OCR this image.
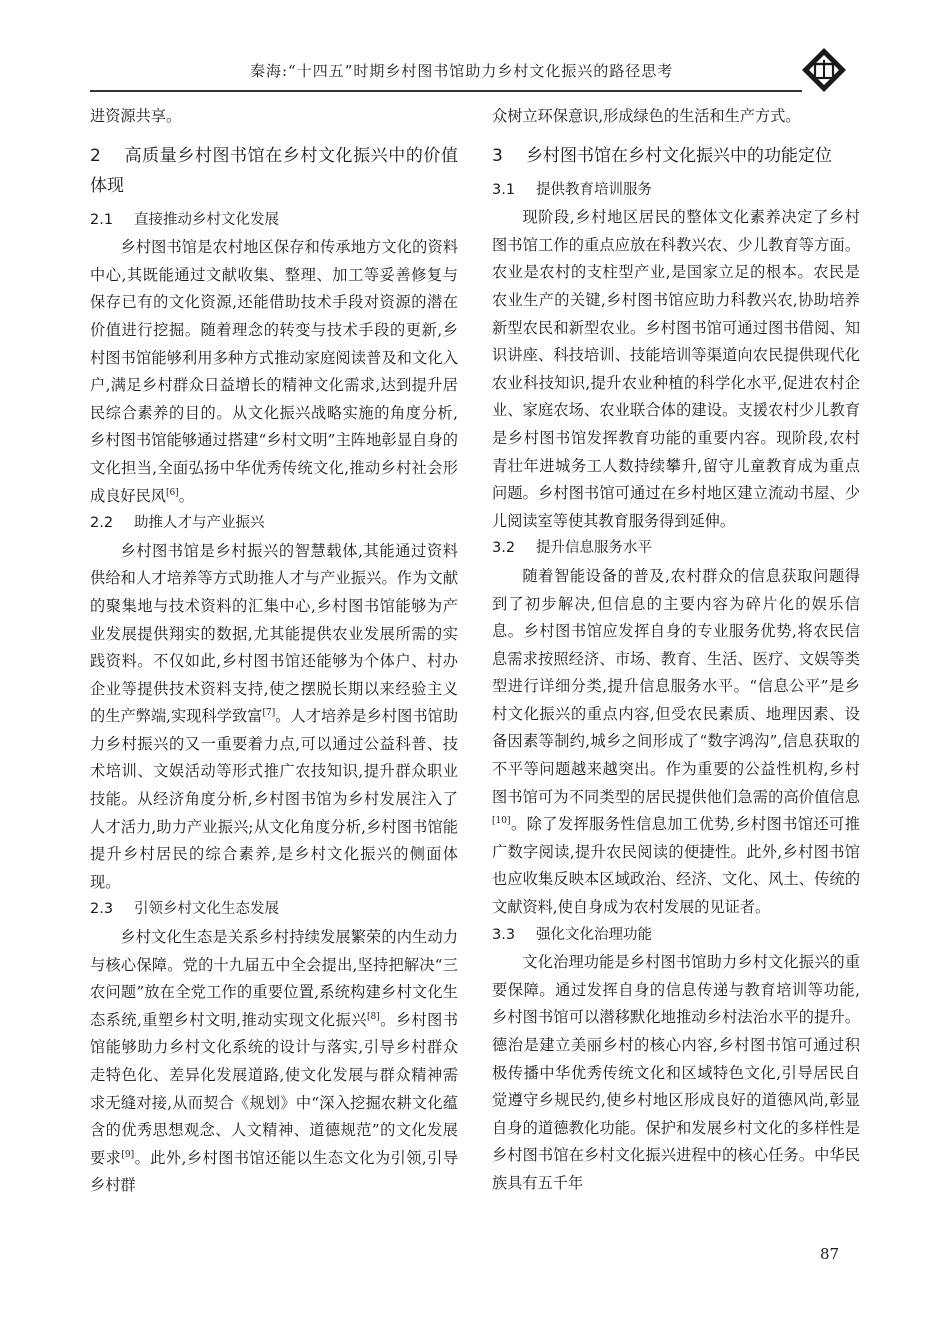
秦海:“十四五”时期乡村图书馆助力乡村文化振兴的路径思考

进资源共享。

2 高质量乡村图书馆在乡村文化振兴中的价值体现
2.1 直接推动乡村文化发展

乡村图书馆是农村地区保存和传承地方文化的资料中心,其既能通过文献收集、整理、加工等妥善修复与保存已有的文化资源,还能借助技术手段对资源的潜在价值进行挖掘。随着理念的转变与技术手段的更新,乡村图书馆能够利用多种方式推动家庭阅读普及和文化入户,满足乡村群众日益增长的精神文化需求,达到提升居民综合素养的目的。从文化振兴战略实施的角度分析,乡村图书馆能够通过搭建“乡村文明”主阵地彰显自身的文化担当,全面弘扬中华优秀传统文化,推动乡村社会形成良好民风[6]。

2.2 助推人才与产业振兴

乡村图书馆是乡村振兴的智慧载体,其能通过资料供给和人才培养等方式助推人才与产业振兴。作为文献的聚集地与技术资料的汇集中心,乡村图书馆能够为产业发展提供翔实的数据,尤其能提供农业发展所需的实践资料。不仅如此,乡村图书馆还能够为个体户、村办企业等提供技术资料支持,使之摆脱长期以来经验主义的生产弊端,实现科学致富[7]。人才培养是乡村图书馆助力乡村振兴的又一重要着力点,可以通过公益科普、技术培训、文娱活动等形式推广农技知识,提升群众职业技能。从经济角度分析,乡村图书馆为乡村发展注入了人才活力,助力产业振兴;从文化角度分析,乡村图书馆能提升乡村居民的综合素养,是乡村文化振兴的侧面体现。

2.3 引领乡村文化生态发展

乡村文化生态是关系乡村持续发展繁荣的内生动力与核心保障。党的十九届五中全会提出,坚持把解决“三农问题”放在全党工作的重要位置,系统构建乡村文化生态系统,重塑乡村文明,推动实现文化振兴[8]。乡村图书馆能够助力乡村文化系统的设计与落实,引导乡村群众走特色化、差异化发展道路,使文化发展与群众精神需求无缝对接,从而契合《规划》中“深入挖掘农耕文化蕴含的优秀思想观念、人文精神、道德规范”的文化发展要求[9]。此外,乡村图书馆还能以生态文化为引领,引导乡村群

众树立环保意识,形成绿色的生活和生产方式。

3 乡村图书馆在乡村文化振兴中的功能定位
3.1 提供教育培训服务

现阶段,乡村地区居民的整体文化素养决定了乡村图书馆工作的重点应放在科教兴农、少儿教育等方面。农业是农村的支柱型产业,是国家立足的根本。农民是农业生产的关键,乡村图书馆应助力科教兴农,协助培养新型农民和新型农业。乡村图书馆可通过图书借阅、知识讲座、科技培训、技能培训等渠道向农民提供现代化农业科技知识,提升农业种植的科学化水平,促进农村企业、家庭农场、农业联合体的建设。支援农村少儿教育是乡村图书馆发挥教育功能的重要内容。现阶段,农村青壮年进城务工人数持续攀升,留守儿童教育成为重点问题。乡村图书馆可通过在乡村地区建立流动书屋、少儿阅读室等使其教育服务得到延伸。

3.2 提升信息服务水平

随着智能设备的普及,农村群众的信息获取问题得到了初步解决,但信息的主要内容为碎片化的娱乐信息。乡村图书馆应发挥自身的专业服务优势,将农民信息需求按照经济、市场、教育、生活、医疗、文娱等类型进行详细分类,提升信息服务水平。“信息公平”是乡村文化振兴的重点内容,但受农民素质、地理因素、设备因素等制约,城乡之间形成了“数字鸿沟”,信息获取的不平等问题越来越突出。作为重要的公益性机构,乡村图书馆可为不同类型的居民提供他们急需的高价值信息[10]。除了发挥服务性信息加工优势,乡村图书馆还可推广数字阅读,提升农民阅读的便捷性。此外,乡村图书馆也应收集反映本区域政治、经济、文化、风土、传统的文献资料,使自身成为农村发展的见证者。

3.3 强化文化治理功能

文化治理功能是乡村图书馆助力乡村文化振兴的重要保障。通过发挥自身的信息传递与教育培训等功能,乡村图书馆可以潜移默化地推动乡村法治水平的提升。德治是建立美丽乡村的核心内容,乡村图书馆可通过积极传播中华优秀传统文化和区域特色文化,引导居民自觉遵守乡规民约,使乡村地区形成良好的道德风尚,彰显自身的道德教化功能。保护和发展乡村文化的多样性是乡村图书馆在乡村文化振兴进程中的核心任务。中华民族具有五千年

87
